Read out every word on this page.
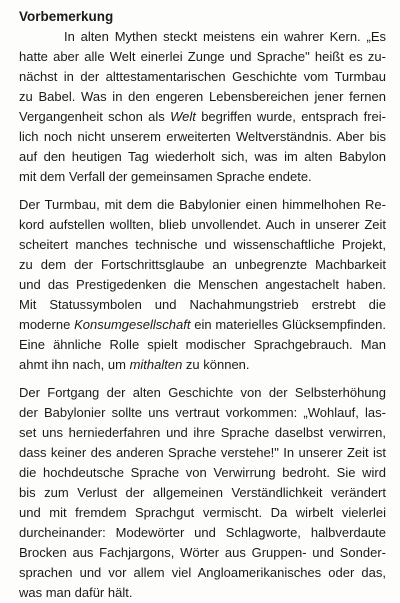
Vorbemerkung
In alten Mythen steckt meistens ein wahrer Kern. „Es
hatte aber alle Welt einerlei Zunge und Sprache" heißt es zu-
nächst in der alttestamentarischen Geschichte vom Turmbau
zu Babel. Was in den engeren Lebensbereichen jener fernen
Vergangenheit schon als Welt begriffen wurde, entsprach frei-
lich noch nicht unserem erweiterten Weltverständnis. Aber bis
auf den heutigen Tag wiederholt sich, was im alten Babylon
mit dem Verfall der gemeinsamen Sprache endete.
Der Turmbau, mit dem die Babylonier einen himmelhohen Re-
kord aufstellen wollten, blieb unvollendet. Auch in unserer Zeit
scheitert manches technische und wissenschaftliche Projekt,
zu dem der Fortschrittsglaube an unbegrenzte Machbarkeit
und das Prestigedenken die Menschen angestachelt haben.
Mit Statussymbolen und Nachahmungstrieb erstrebt die
moderne Konsumgesellschaft ein materielles Glücksempfinden.
Eine ähnliche Rolle spielt modischer Sprachgebrauch. Man
ahmt ihn nach, um mithalten zu können.
Der Fortgang der alten Geschichte von der Selbsterhöhung
der Babylonier sollte uns vertraut vorkommen: „Wohlauf, las-
set uns herniederfahren und ihre Sprache daselbst verwirren,
dass keiner des anderen Sprache verstehe!" In unserer Zeit ist
die hochdeutsche Sprache von Verwirrung bedroht. Sie wird
bis zum Verlust der allgemeinen Verständlichkeit verändert
und mit fremdem Sprachgut vermischt. Da wirbelt vielerlei
durcheinander: Modewörter und Schlagworte, halbverdaute
Brocken aus Fachjargons, Wörter aus Gruppen- und Sonder-
sprachen und vor allem viel Angloamerikanisches oder das,
was man dafür hält.
